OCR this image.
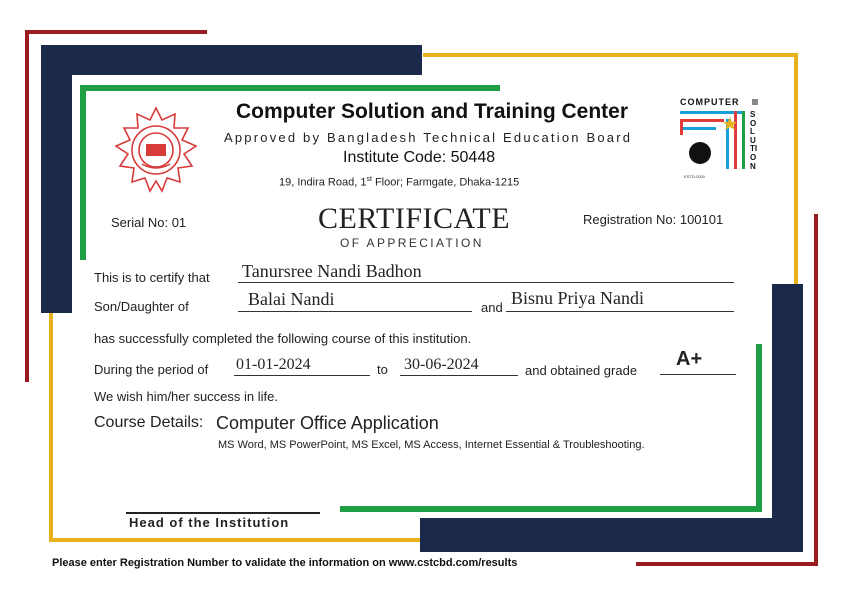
Computer Solution and Training Center
Approved by Bangladesh Technical Education Board
Institute Code: 50448
19, Indira Road, 1st Floor; Farmgate, Dhaka-1215
COMPUTER
SOLUTION
ESTD-2000
Serial No: 01	Registration No: 100101
CERTIFICATE
OF APPRECIATION
This is to certify that Tanursree Nandi Badhon
Son/Daughter of	Balai Nandi	and Bisnu Priya Nandi
has successfully completed the following course of this institution.
During the period of 01-01-2024	to 30-06-2024	and obtained grade
A+
We wish him/her success in life.
Course Details: Computer Office Application
MS Word, MS PowerPoint, MS Excel, MS Access, Internet Essential & Troubleshooting.
Head of the Institution
Please enter Registration Number to validate the information on www.cstcbd.com/results
